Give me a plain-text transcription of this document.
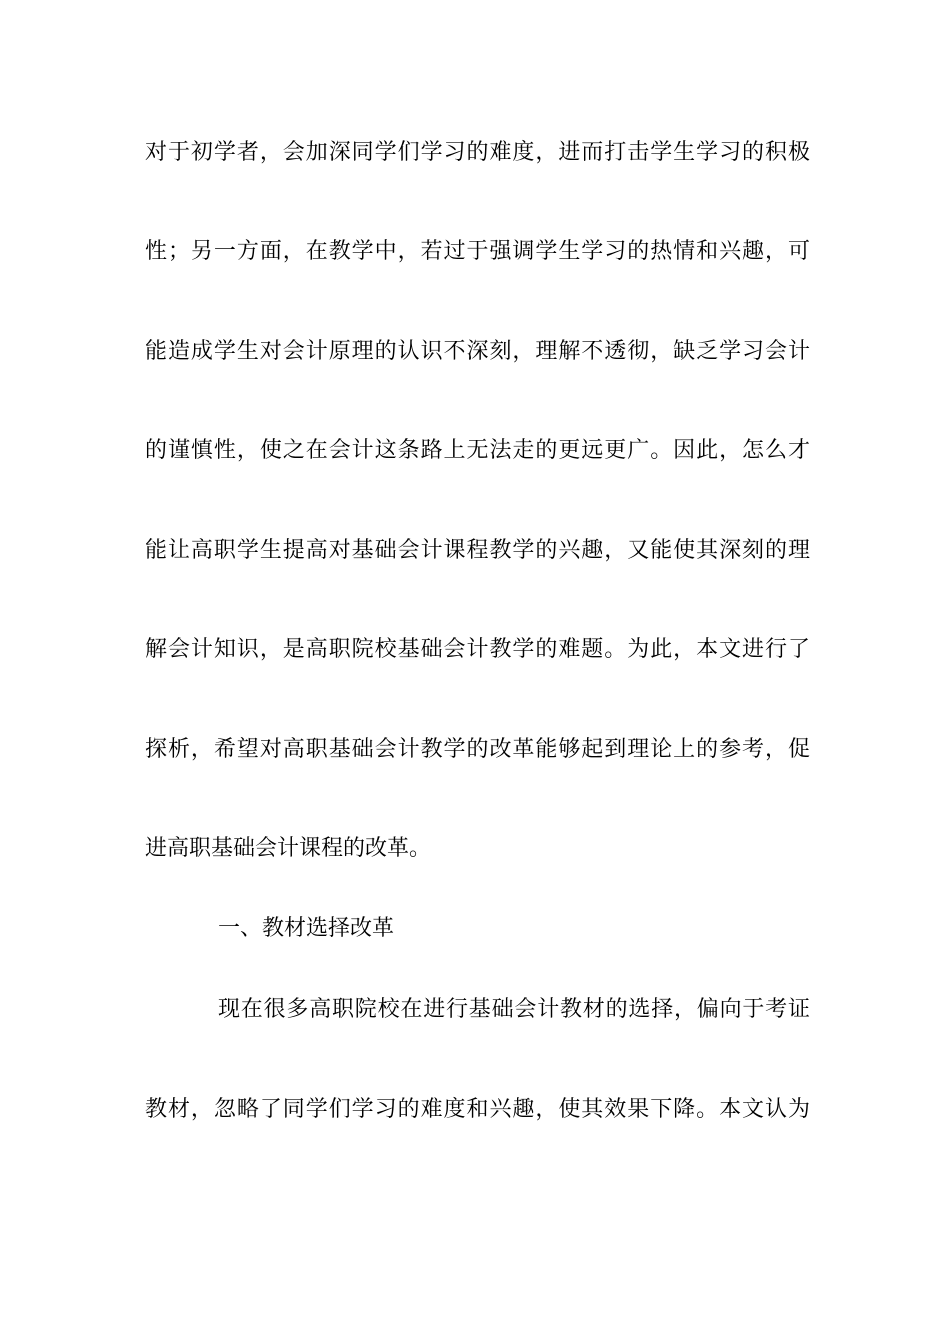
对于初学者，会加深同学们学习的难度，进而打击学生学习的积极
性；另一方面，在教学中，若过于强调学生学习的热情和兴趣，可
能造成学生对会计原理的认识不深刻，理解不透彻，缺乏学习会计
的谨慎性，使之在会计这条路上无法走的更远更广。因此，怎么才
能让高职学生提高对基础会计课程教学的兴趣，又能使其深刻的理
解会计知识，是高职院校基础会计教学的难题。为此，本文进行了
探析，希望对高职基础会计教学的改革能够起到理论上的参考，促
进高职基础会计课程的改革。
一、教材选择改革
现在很多高职院校在进行基础会计教材的选择，偏向于考证
教材，忽略了同学们学习的难度和兴趣，使其效果下降。本文认为
